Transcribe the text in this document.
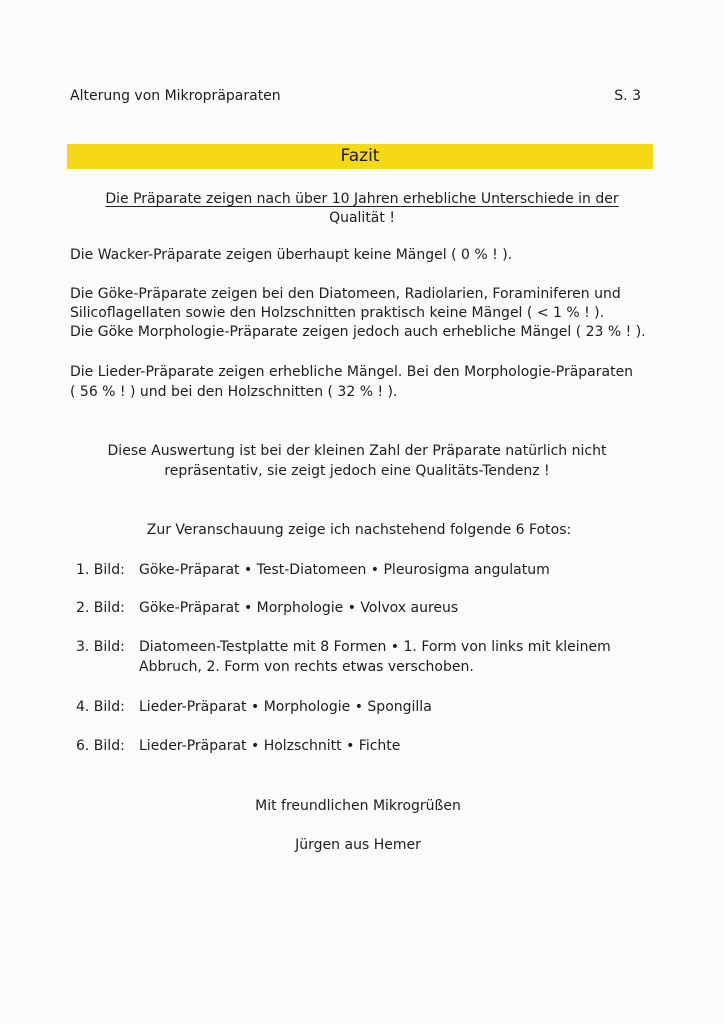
Alterung von Mikropräparaten	S. 3

Fazit

Die Präparate zeigen nach über 10 Jahren erhebliche Unterschiede in der

Qualität !

Die Wacker-Präparate zeigen überhaupt keine Mängel ( 0 % ! ).

Die Göke-Präparate zeigen bei den Diatomeen, Radiolarien, Foraminiferen und

Silicoflagellaten sowie den Holzschnitten praktisch keine Mängel ( < 1 % ! ).

Die Göke Morphologie-Präparate zeigen jedoch auch erhebliche Mängel ( 23 % ! ).

Die Lieder-Präparate zeigen erhebliche Mängel. Bei den Morphologie-Präparaten

( 56 % ! ) und bei den Holzschnitten ( 32 % ! ).

Diese Auswertung ist bei der kleinen Zahl der Präparate natürlich nicht

repräsentativ, sie zeigt jedoch eine Qualitäts-Tendenz !

Zur Veranschauung zeige ich nachstehend folgende 6 Fotos:

1. Bild:	Göke-Präparat • Test-Diatomeen • Pleurosigma angulatum

2. Bild:	Göke-Präparat • Morphologie • Volvox aureus

3. Bild:	Diatomeen-Testplatte mit 8 Formen • 1. Form von links mit kleinem

Abbruch, 2. Form von rechts etwas verschoben.

4. Bild:	Lieder-Präparat • Morphologie • Spongilla

6. Bild:	Lieder-Präparat • Holzschnitt • Fichte

Mit freundlichen Mikrogrüßen

Jürgen aus Hemer
